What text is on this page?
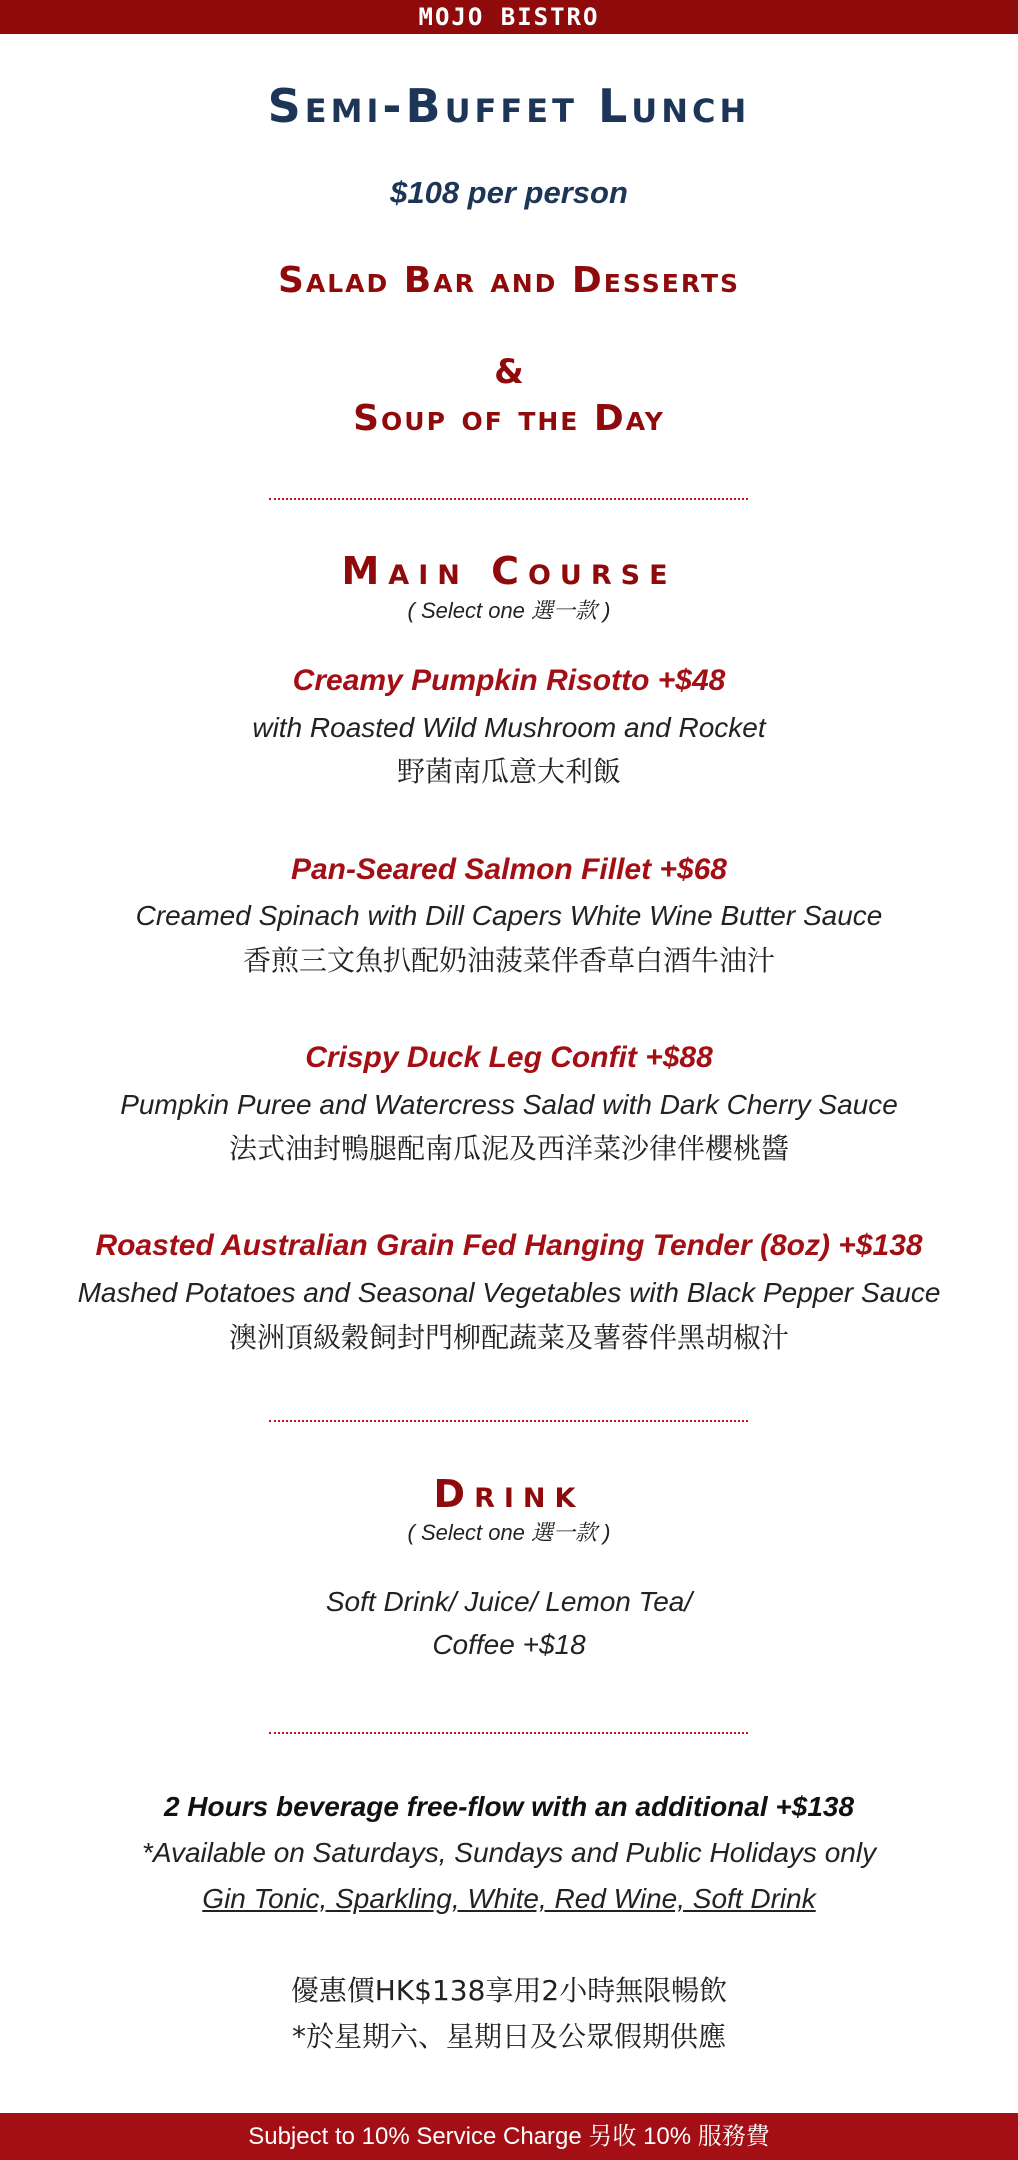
MOJO BISTRO
Semi-Buffet Lunch
$108 per person
Salad Bar and Desserts
&
Soup of the Day
Main Course
( Select one 選一款 )
Creamy Pumpkin Risotto +$48
with Roasted Wild Mushroom and Rocket
野菌南瓜意大利飯
Pan-Seared Salmon Fillet +$68
Creamed Spinach with Dill Capers White Wine Butter Sauce
香煎三文魚扒配奶油菠菜伴香草白酒牛油汁
Crispy Duck Leg Confit +$88
Pumpkin Puree and Watercress Salad with Dark Cherry Sauce
法式油封鴨腿配南瓜泥及西洋菜沙律伴櫻桃醬
Roasted Australian Grain Fed Hanging Tender (8oz) +$138
Mashed Potatoes and Seasonal Vegetables with Black Pepper Sauce
澳洲頂級穀飼封門柳配蔬菜及薯蓉伴黑胡椒汁
Drink
( Select one 選一款 )
Soft Drink/ Juice/ Lemon Tea/
Coffee +$18
2 Hours beverage free-flow with an additional +$138
*Available on Saturdays, Sundays and Public Holidays only
Gin Tonic, Sparkling, White, Red Wine, Soft Drink
優惠價HK$138享用2小時無限暢飲
*於星期六、星期日及公眾假期供應
Subject to 10% Service Charge 另收 10% 服務費
